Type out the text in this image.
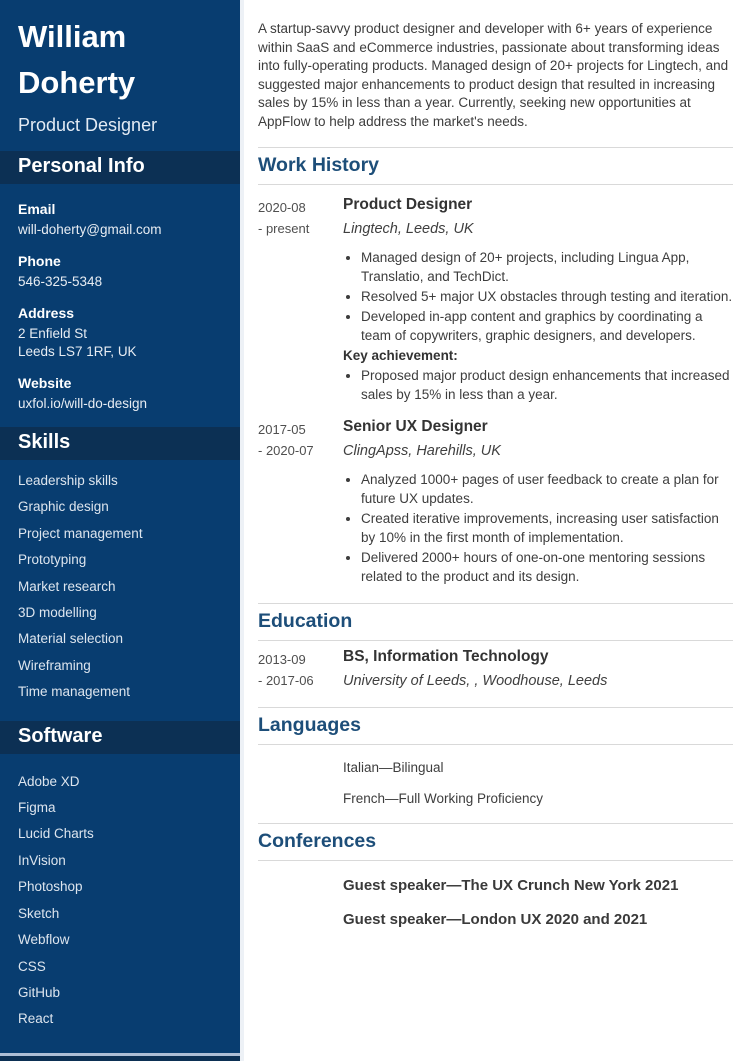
William Doherty
Product Designer
Personal Info
Email
will-doherty@gmail.com
Phone
546-325-5348
Address
2 Enfield St
Leeds LS7 1RF, UK
Website
uxfol.io/will-do-design
Skills
Leadership skills
Graphic design
Project management
Prototyping
Market research
3D modelling
Material selection
Wireframing
Time management
Software
Adobe XD
Figma
Lucid Charts
InVision
Photoshop
Sketch
Webflow
CSS
GitHub
React

A startup-savvy product designer and developer with 6+ years of experience within SaaS and eCommerce industries, passionate about transforming ideas into fully-operating products. Managed design of 20+ projects for Lingtech, and suggested major enhancements to product design that resulted in increasing sales by 15% in less than a year. Currently, seeking new opportunities at AppFlow to help address the market's needs.

Work History
2020-08
- present
Product Designer
Lingtech, Leeds, UK
• Managed design of 20+ projects, including Lingua App, Translatio, and TechDict.
• Resolved 5+ major UX obstacles through testing and iteration.
• Developed in-app content and graphics by coordinating a team of copywriters, graphic designers, and developers.
Key achievement:
• Proposed major product design enhancements that increased sales by 15% in less than a year.
2017-05
- 2020-07
Senior UX Designer
ClingApss, Harehills, UK
• Analyzed 1000+ pages of user feedback to create a plan for future UX updates.
• Created iterative improvements, increasing user satisfaction by 10% in the first month of implementation.
• Delivered 2000+ hours of one-on-one mentoring sessions related to the product and its design.
Education
2013-09
- 2017-06
BS, Information Technology
University of Leeds, , Woodhouse, Leeds
Languages
Italian—Bilingual
French—Full Working Proficiency
Conferences
Guest speaker—The UX Crunch New York 2021
Guest speaker—London UX 2020 and 2021
